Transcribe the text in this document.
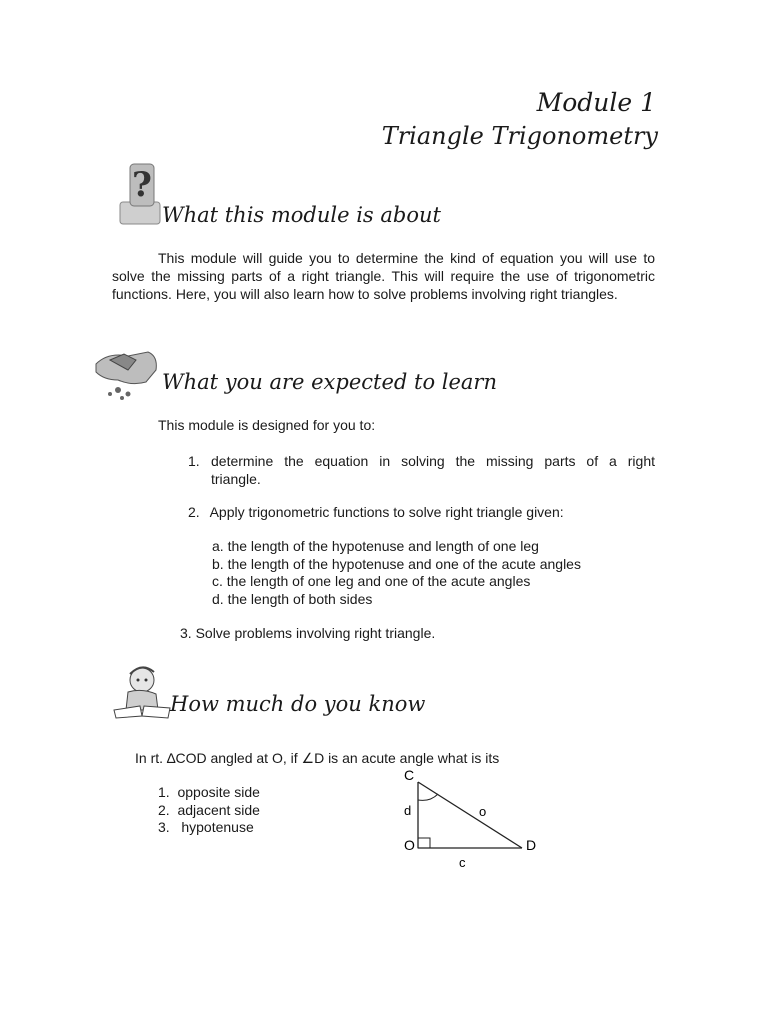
Module 1
Triangle Trigonometry
?
What this module is about
This module will guide you to determine the kind of equation you will use to solve the missing parts of a right triangle. This will require the use of trigonometric functions. Here, you will also learn how to solve problems involving right triangles.
What you are expected to learn
This module is designed for you to:
1. determine the equation in solving the missing parts of a right
triangle.
2. Apply trigonometric functions to solve right triangle given:
a. the length of the hypotenuse and length of one leg
b. the length of the hypotenuse and one of the acute angles
c. the length of one leg and one of the acute angles
d. the length of both sides
3. Solve problems involving right triangle.
How much do you know
In rt. ∆COD angled at O, if ∠D is an acute angle what is its
1. opposite side
2. adjacent side
3.   hypotenuse
C
O	D
d	o
c
